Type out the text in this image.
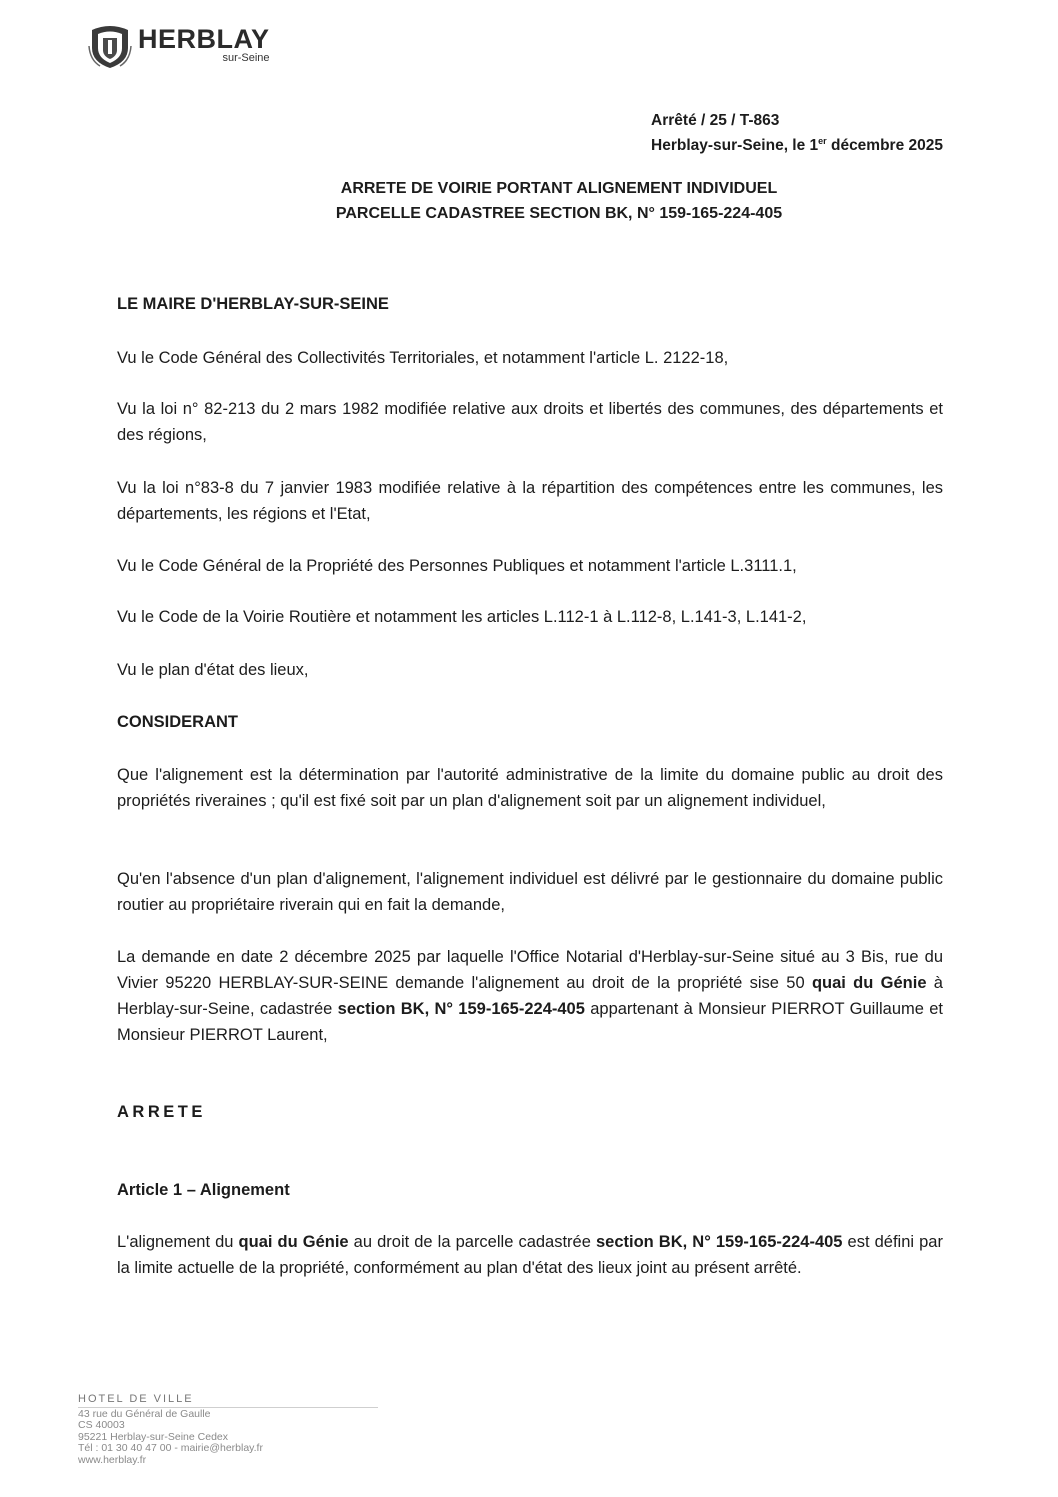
HERBLAY
sur-Seine
Arrêté / 25 / T-863
Herblay-sur-Seine, le 1er décembre 2025
ARRETE DE VOIRIE PORTANT ALIGNEMENT INDIVIDUEL
PARCELLE CADASTREE SECTION BK, N° 159-165-224-405
LE MAIRE D'HERBLAY-SUR-SEINE
Vu le Code Général des Collectivités Territoriales, et notamment l'article L. 2122-18,
Vu la loi n° 82-213 du 2 mars 1982 modifiée relative aux droits et libertés des communes, des départements et des régions,
Vu la loi n°83-8 du 7 janvier 1983 modifiée relative à la répartition des compétences entre les communes, les départements, les régions et l'Etat,
Vu le Code Général de la Propriété des Personnes Publiques et notamment l'article L.3111.1,
Vu le Code de la Voirie Routière et notamment les articles L.112-1 à L.112-8, L.141-3, L.141-2,
Vu le plan d'état des lieux,
CONSIDERANT
Que l'alignement est la détermination par l'autorité administrative de la limite du domaine public au droit des propriétés riveraines ; qu'il est fixé soit par un plan d'alignement soit par un alignement individuel,
Qu'en l'absence d'un plan d'alignement, l'alignement individuel est délivré par le gestionnaire du domaine public routier au propriétaire riverain qui en fait la demande,
La demande en date 2 décembre 2025 par laquelle l'Office Notarial d'Herblay-sur-Seine situé au 3 Bis, rue du Vivier 95220 HERBLAY-SUR-SEINE demande l'alignement au droit de la propriété sise 50 quai du Génie à Herblay-sur-Seine, cadastrée section BK, N° 159-165-224-405 appartenant à Monsieur PIERROT Guillaume et Monsieur PIERROT Laurent,
ARRETE
Article 1 – Alignement
L'alignement du quai du Génie au droit de la parcelle cadastrée section BK, N° 159-165-224-405 est défini par la limite actuelle de la propriété, conformément au plan d'état des lieux joint au présent arrêté.
HOTEL DE VILLE
43 rue du Général de Gaulle
CS 40003
95221 Herblay-sur-Seine Cedex
Tél : 01 30 40 47 00 - mairie@herblay.fr
www.herblay.fr
